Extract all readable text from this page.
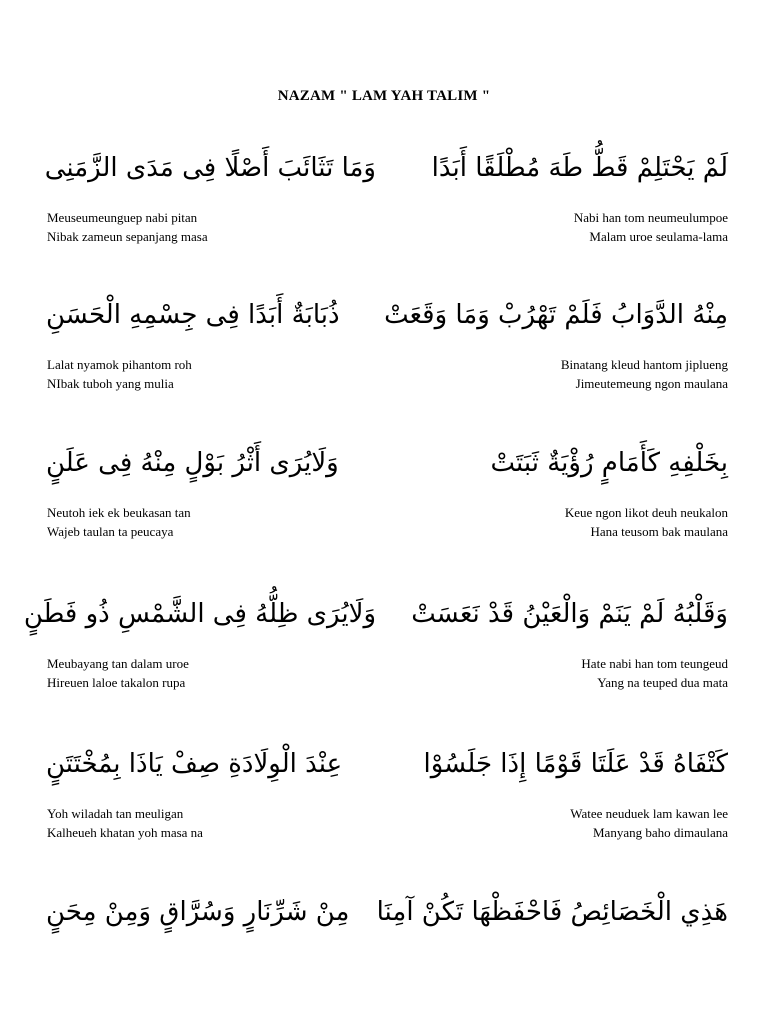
NAZAM " LAM YAH TALIM "
لَمْ يَحْتَلِمْ قَطُّ طَهَ مُطْلَقًا أَبَدًا
وَمَا تَثَائَبَ أَصْلًا فِى مَدَى الزَّمَنِى
Meuseumeunguep nabi pitan
Nibak zameun sepanjang masa
Nabi han tom neumeulumpoe
Malam uroe seulama-lama
مِنْهُ الدَّوَابُ فَلَمْ تَهْرُبْ وَمَا وَقَعَتْ
ذُبَابَةٌ أَبَدًا فِى جِسْمِهِ الْحَسَنِ
Lalat nyamok pihantom roh
NIbak tuboh yang mulia
Binatang kleud hantom jiplueng
Jimeutemeung ngon maulana
بِخَلْفِهِ كَأَمَامٍ رُؤْيَةٌ ثَبَتَتْ
وَلَايُرَى أَثْرُ بَوْلٍ مِنْهُ فِى عَلَنٍ
Neutoh iek ek beukasan tan
Wajeb taulan ta peucaya
Keue ngon likot deuh neukalon
Hana teusom bak maulana
وَقَلْبُهُ لَمْ يَنَمْ وَالْعَيْنُ قَدْ نَعَسَتْ
وَلَايُرَى ظِلُّهُ فِى الشَّمْسِ ذُو فَطَنٍ
Meubayang tan dalam uroe
Hireuen laloe takalon rupa
Hate nabi han tom teungeud
Yang na teuped dua mata
كَتْفَاهُ قَدْ عَلَتَا قَوْمًا إِذَا جَلَسُوْا
عِنْدَ الْوِلَادَةِ صِفْ يَاذَا بِمُخْتَتَنٍ
Yoh wiladah tan meuligan
Kalheueh khatan yoh masa na
Watee neuduek lam kawan lee
Manyang baho dimaulana
هَذِي الْخَصَائِصُ فَاحْفَظْهَا تَكُنْ آمِنَا
مِنْ شَرِّنَارٍ وَسُرَّاقٍ وَمِنْ مِحَنٍ
